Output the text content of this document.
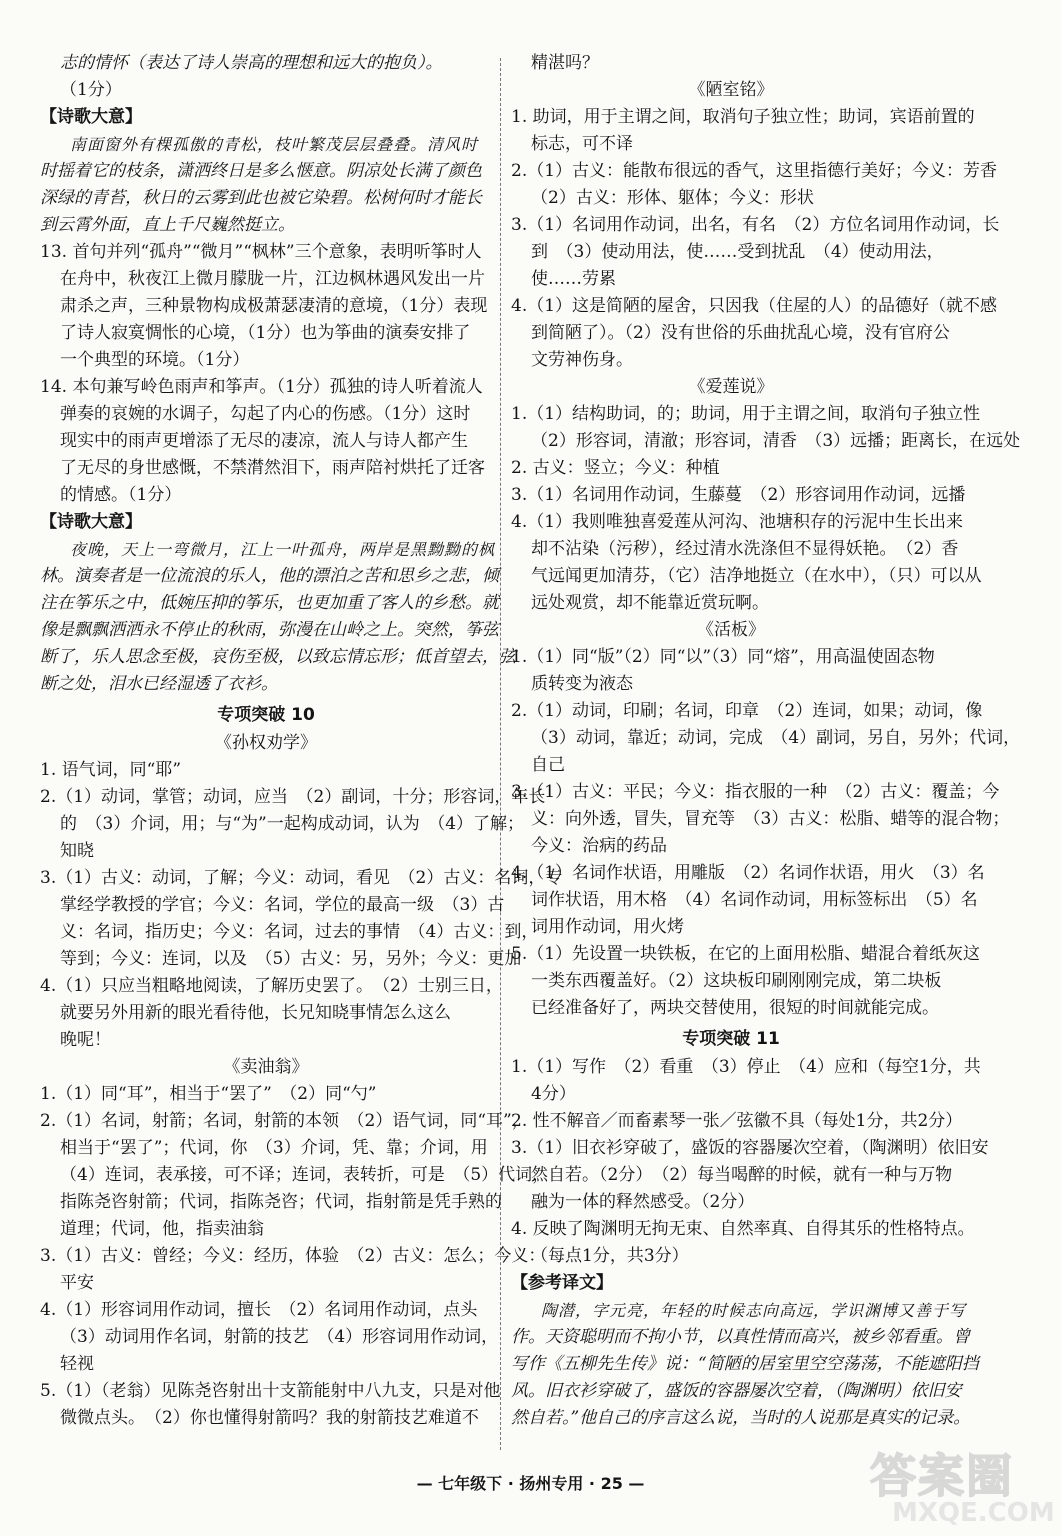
志的情怀（表达了诗人崇高的理想和远大的抱负）。
（1分）
【诗歌大意】
南面窗外有棵孤傲的青松，枝叶繁茂层层叠叠。清风时
时摇着它的枝条，潇洒终日是多么惬意。阴凉处长满了颜色
深绿的青苔，秋日的云雾到此也被它染碧。松树何时才能长
到云霄外面，直上千尺巍然挺立。
13. 首句并列“孤舟”“微月”“枫林”三个意象，表明听筝时人
在舟中，秋夜江上微月朦胧一片，江边枫林遇风发出一片
肃杀之声，三种景物构成极萧瑟凄清的意境，（1分）表现
了诗人寂寞惆怅的心境，（1分）也为筝曲的演奏安排了
一个典型的环境。（1分）
14. 本句兼写岭色雨声和筝声。（1分）孤独的诗人听着流人
弹奏的哀婉的水调子，勾起了内心的伤感。（1分）这时
现实中的雨声更增添了无尽的凄凉，流人与诗人都产生
了无尽的身世感慨，不禁潸然泪下，雨声陪衬烘托了迁客
的情感。（1分）
【诗歌大意】
夜晚，天上一弯微月，江上一叶孤舟，两岸是黑黝黝的枫
林。演奏者是一位流浪的乐人，他的漂泊之苦和思乡之悲，倾
注在筝乐之中，低婉压抑的筝乐，也更加重了客人的乡愁。就
像是飘飘洒洒永不停止的秋雨，弥漫在山岭之上。突然，筝弦
断了，乐人思念至极，哀伤至极，以致忘情忘形；低首望去，弦
断之处，泪水已经湿透了衣衫。
专项突破 10
《孙权劝学》
1. 语气词，同“耶”
2.（1）动词，掌管；动词，应当　（2）副词，十分；形容词，年长
的　（3）介词，用；与“为”一起构成动词，认为　（4）了解；
知晓
3.（1）古义：动词，了解；今义：动词，看见　（2）古义：名词，专
掌经学教授的学官；今义：名词，学位的最高一级　（3）古
义：名词，指历史；今义：名词，过去的事情　（4）古义：到，
等到；今义：连词，以及　（5）古义：另，另外；今义：更加
4.（1）只应当粗略地阅读，了解历史罢了。　（2）士别三日，
就要另外用新的眼光看待他，长兄知晓事情怎么这么
晚呢！
《卖油翁》
1.（1）同“耳”，相当于“罢了”　（2）同“勺”
2.（1）名词，射箭；名词，射箭的本领　（2）语气词，同“耳”，
相当于“罢了”；代词，你　（3）介词，凭、靠；介词，用
（4）连词，表承接，可不译；连词，表转折，可是　（5）代词，
指陈尧咨射箭；代词，指陈尧咨；代词，指射箭是凭手熟的
道理；代词，他，指卖油翁
3.（1）古义：曾经；今义：经历，体验　（2）古义：怎么；今义：
平安
4.（1）形容词用作动词，擅长　（2）名词用作动词，点头
（3）动词用作名词，射箭的技艺　（4）形容词用作动词，
轻视
5.（1）（老翁）见陈尧咨射出十支箭能射中八九支，只是对他
微微点头。　（2）你也懂得射箭吗？我的射箭技艺难道不
精湛吗？
《陋室铭》
1. 助词，用于主谓之间，取消句子独立性；助词，宾语前置的
标志，可不译
2.（1）古义：能散布很远的香气，这里指德行美好；今义：芳香
（2）古义：形体、躯体；今义：形状
3.（1）名词用作动词，出名，有名　（2）方位名词用作动词，长
到　（3）使动用法，使……受到扰乱　（4）使动用法，
使……劳累
4.（1）这是简陋的屋舍，只因我（住屋的人）的品德好（就不感
到简陋了）。（2）没有世俗的乐曲扰乱心境，没有官府公
文劳神伤身。
《爱莲说》
1.（1）结构助词，的；助词，用于主谓之间，取消句子独立性
（2）形容词，清澈；形容词，清香　（3）远播；距离长，在远处
2. 古义：竖立；今义：种植
3.（1）名词用作动词，生藤蔓　（2）形容词用作动词，远播
4.（1）我则唯独喜爱莲从河沟、池塘积存的污泥中生长出来
却不沾染（污秽），经过清水洗涤但不显得妖艳。　（2）香
气远闻更加清芬，（它）洁净地挺立（在水中），（只）可以从
远处观赏，却不能靠近赏玩啊。
《活板》
1.（1）同“版”（2）同“以”（3）同“熔”，用高温使固态物
质转变为液态
2.（1）动词，印刷；名词，印章　（2）连词，如果；动词，像
（3）动词，靠近；动词，完成　（4）副词，另自，另外；代词，
自己
3.（1）古义：平民；今义：指衣服的一种　（2）古义：覆盖；今
义：向外透，冒失，冒充等　（3）古义：松脂、蜡等的混合物；
今义：治病的药品
4.（1）名词作状语，用雕版　（2）名词作状语，用火　（3）名
词作状语，用木格　（4）名词作动词，用标签标出　（5）名
词用作动词，用火烤
5.（1）先设置一块铁板，在它的上面用松脂、蜡混合着纸灰这
一类东西覆盖好。（2）这块板印刷刚刚完成，第二块板
已经准备好了，两块交替使用，很短的时间就能完成。
专项突破 11
1.（1）写作　（2）看重　（3）停止　（4）应和（每空1分，共
4分）
2. 性不解音／而畜素琴一张／弦徽不具（每处1分，共2分）
3.（1）旧衣衫穿破了，盛饭的容器屡次空着，（陶渊明）依旧安
然自若。（2分）　（2）每当喝醉的时候，就有一种与万物
融为一体的释然感受。（2分）
4. 反映了陶渊明无拘无束、自然率真、自得其乐的性格特点。
（每点1分，共3分）
【参考译文】
陶潜，字元亮，年轻的时候志向高远，学识渊博又善于写
作。天资聪明而不拘小节，以真性情而高兴，被乡邻看重。曾
写作《五柳先生传》说：“简陋的居室里空空荡荡，不能遮阳挡
风。旧衣衫穿破了，盛饭的容器屡次空着，（陶渊明）依旧安
然自若。”他自己的序言这么说，当时的人说那是真实的记录。
— 七年级下 · 扬州专用 · 25 —	答案圈
MXQE.COM
